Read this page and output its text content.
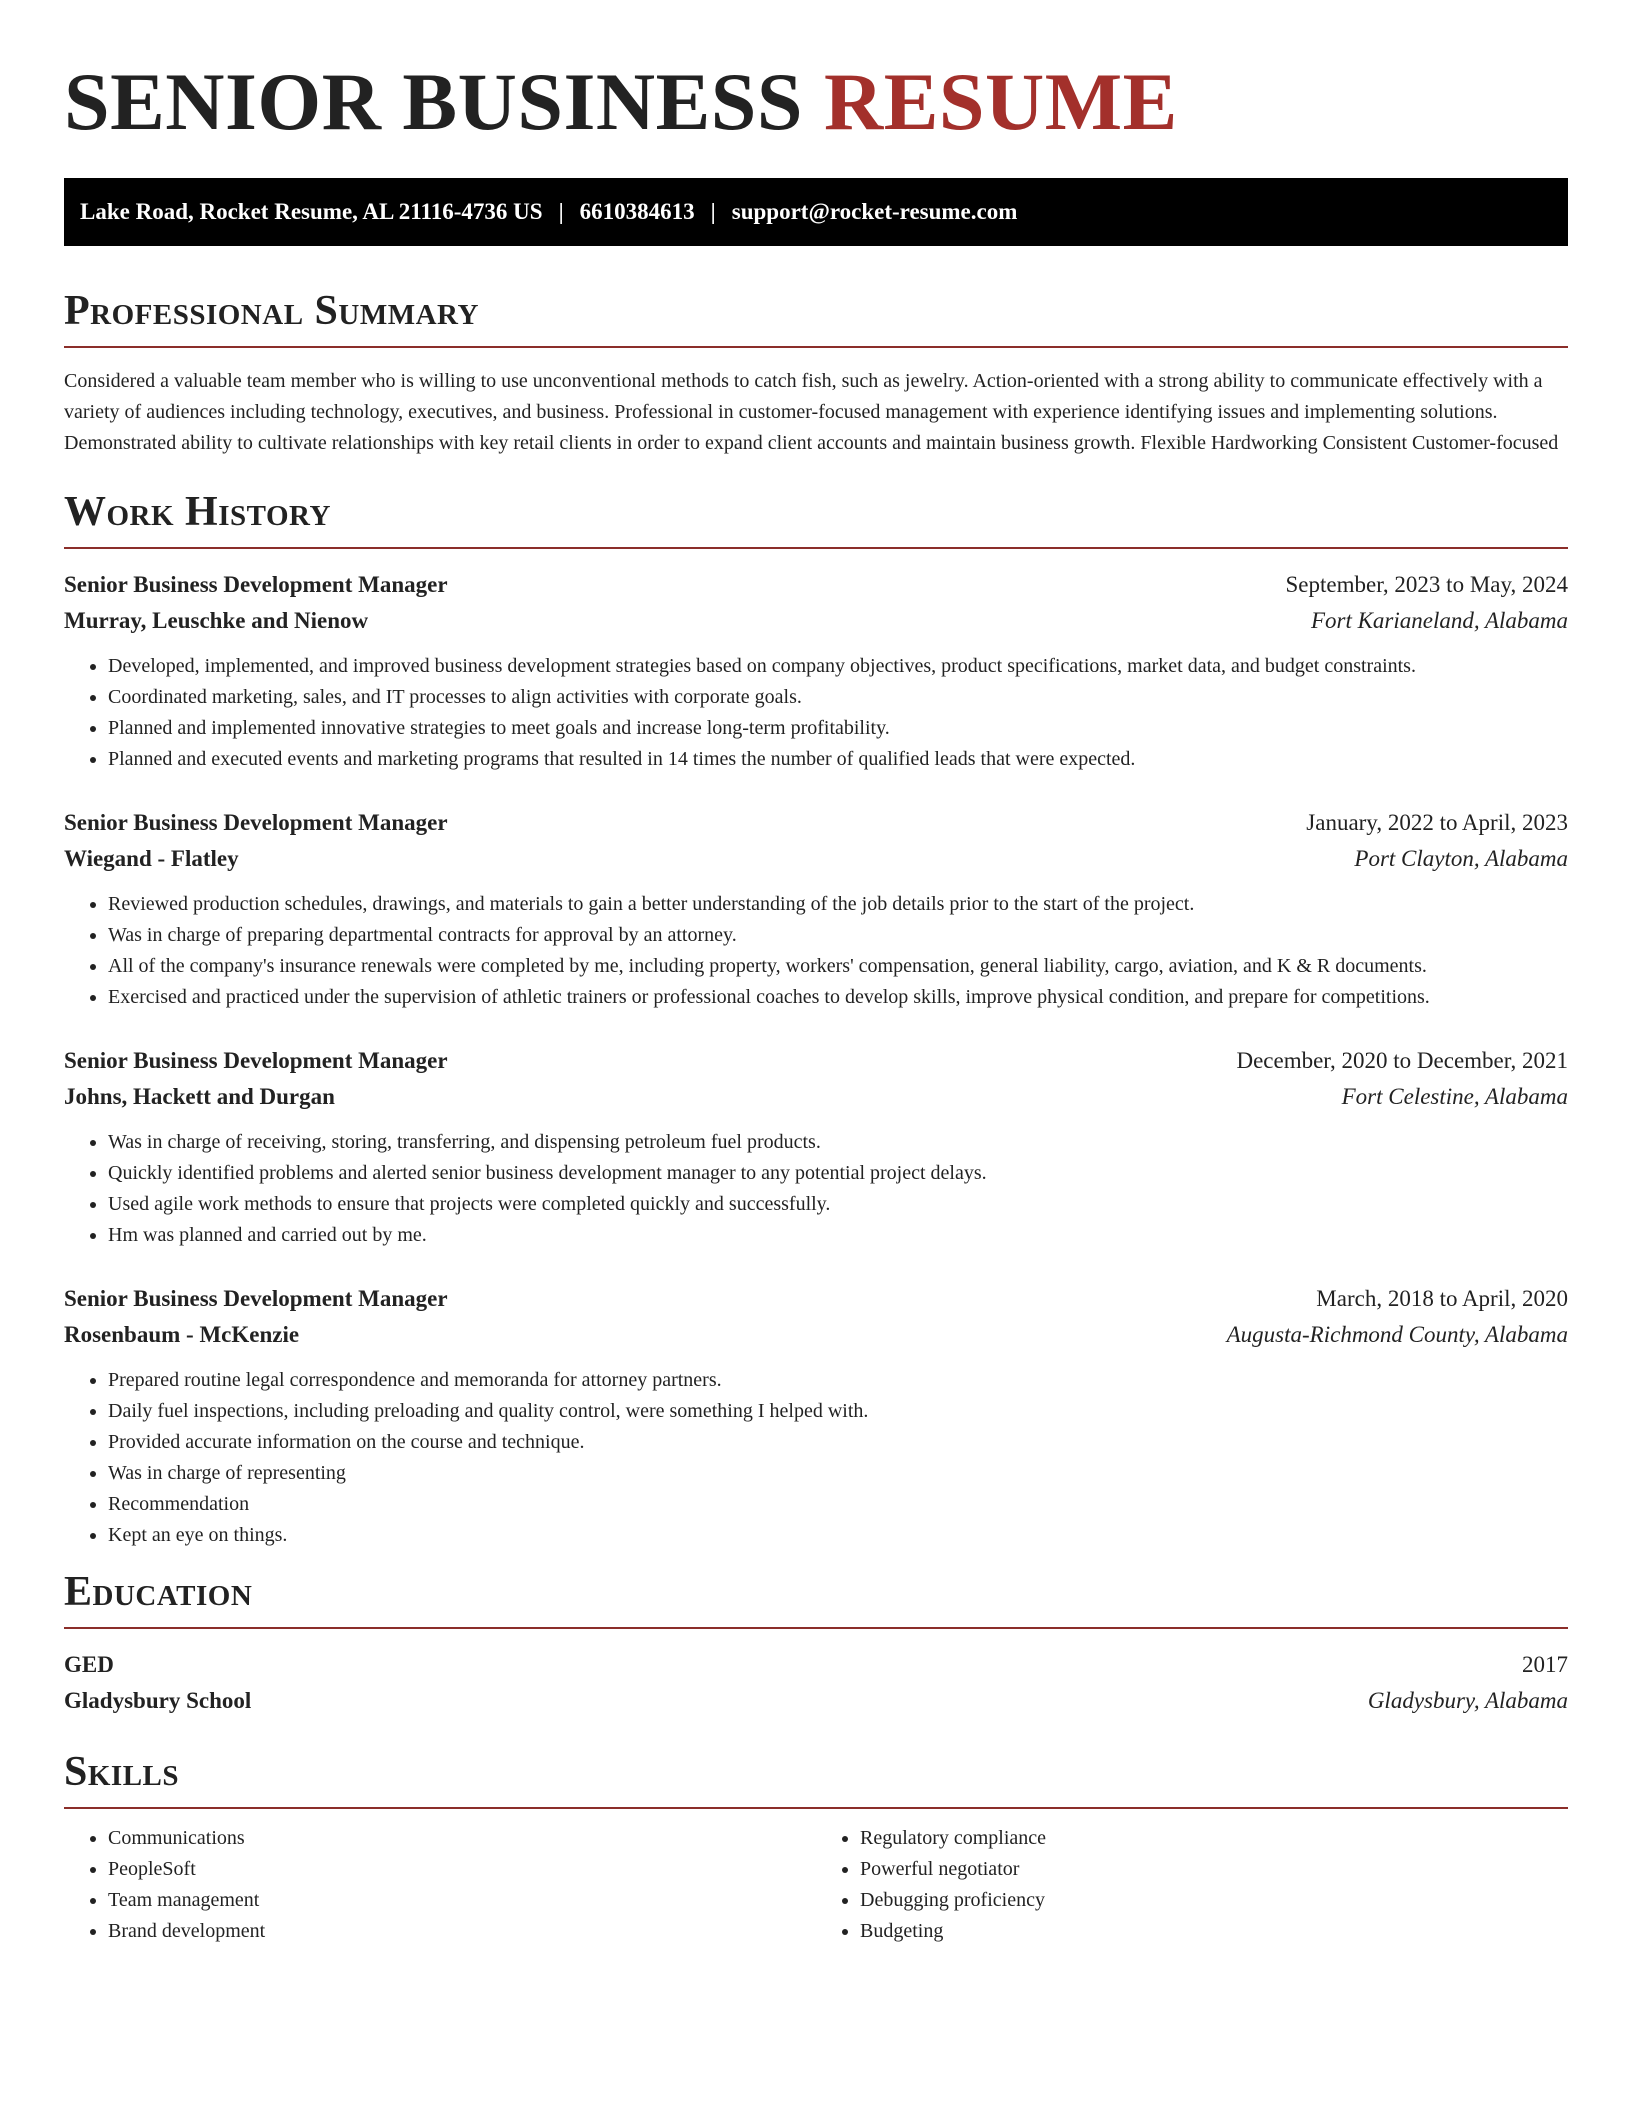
SENIOR BUSINESS RESUME
Lake Road, Rocket Resume, AL 21116-4736 US | 6610384613 | support@rocket-resume.com
Professional Summary

Considered a valuable team member who is willing to use unconventional methods to catch fish, such as jewelry. Action-oriented with a strong ability to communicate effectively with a variety of audiences including technology, executives, and business. Professional in customer-focused management with experience identifying issues and implementing solutions. Demonstrated ability to cultivate relationships with key retail clients in order to expand client accounts and maintain business growth. Flexible Hardworking Consistent Customer-focused

Work History
Senior Business Development Manager	September, 2023 to May, 2024
Murray, Leuschke and Nienow	Fort Karianeland, Alabama
• Developed, implemented, and improved business development strategies based on company objectives, product specifications, market data, and budget constraints.
• Coordinated marketing, sales, and IT processes to align activities with corporate goals.
• Planned and implemented innovative strategies to meet goals and increase long-term profitability.
• Planned and executed events and marketing programs that resulted in 14 times the number of qualified leads that were expected.
Senior Business Development Manager	January, 2022 to April, 2023
Wiegand - Flatley	Port Clayton, Alabama
• Reviewed production schedules, drawings, and materials to gain a better understanding of the job details prior to the start of the project.
• Was in charge of preparing departmental contracts for approval by an attorney.
• All of the company's insurance renewals were completed by me, including property, workers' compensation, general liability, cargo, aviation, and K & R documents.
• Exercised and practiced under the supervision of athletic trainers or professional coaches to develop skills, improve physical condition, and prepare for competitions.
Senior Business Development Manager	December, 2020 to December, 2021
Johns, Hackett and Durgan	Fort Celestine, Alabama
• Was in charge of receiving, storing, transferring, and dispensing petroleum fuel products.
• Quickly identified problems and alerted senior business development manager to any potential project delays.
• Used agile work methods to ensure that projects were completed quickly and successfully.
• Hm was planned and carried out by me.
Senior Business Development Manager	March, 2018 to April, 2020
Rosenbaum - McKenzie	Augusta-Richmond County, Alabama
• Prepared routine legal correspondence and memoranda for attorney partners.
• Daily fuel inspections, including preloading and quality control, were something I helped with.
• Provided accurate information on the course and technique.
• Was in charge of representing
• Recommendation
• Kept an eye on things.
Education
GED	2017
Gladysbury School	Gladysbury, Alabama
Skills
• Communications
• PeopleSoft
• Team management
• Brand development
• Regulatory compliance
• Powerful negotiator
• Debugging proficiency
• Budgeting
